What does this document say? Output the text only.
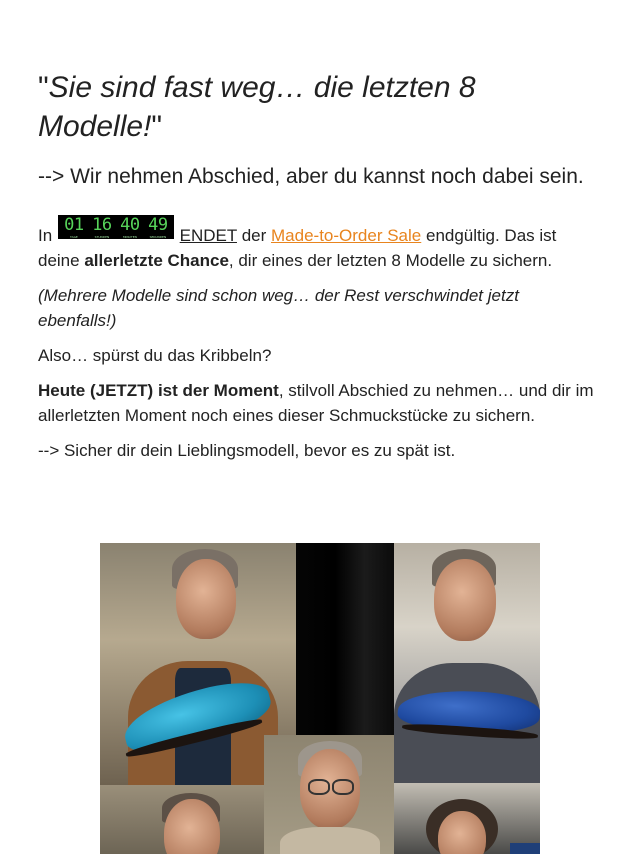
"Sie sind fast weg… die letzten 8 Modelle!"

--> Wir nehmen Abschied, aber du kannst noch dabei sein.

In
01
TAGE
16
STUNDEN
40
MINUTEN
49
SEKUNDEN ENDET der Made-to-Order Sale endgültig. Das ist deine allerletzte Chance, dir eines der letzten 8 Modelle zu sichern.

(Mehrere Modelle sind schon weg… der Rest verschwindet jetzt ebenfalls!)

Also… spürst du das Kribbeln?

Heute (JETZT) ist der Moment, stilvoll Abschied zu nehmen… und dir im allerletzten Moment noch eines dieser Schmuckstücke zu sichern.

--> Sicher dir dein Lieblingsmodell, bevor es zu spät ist.
